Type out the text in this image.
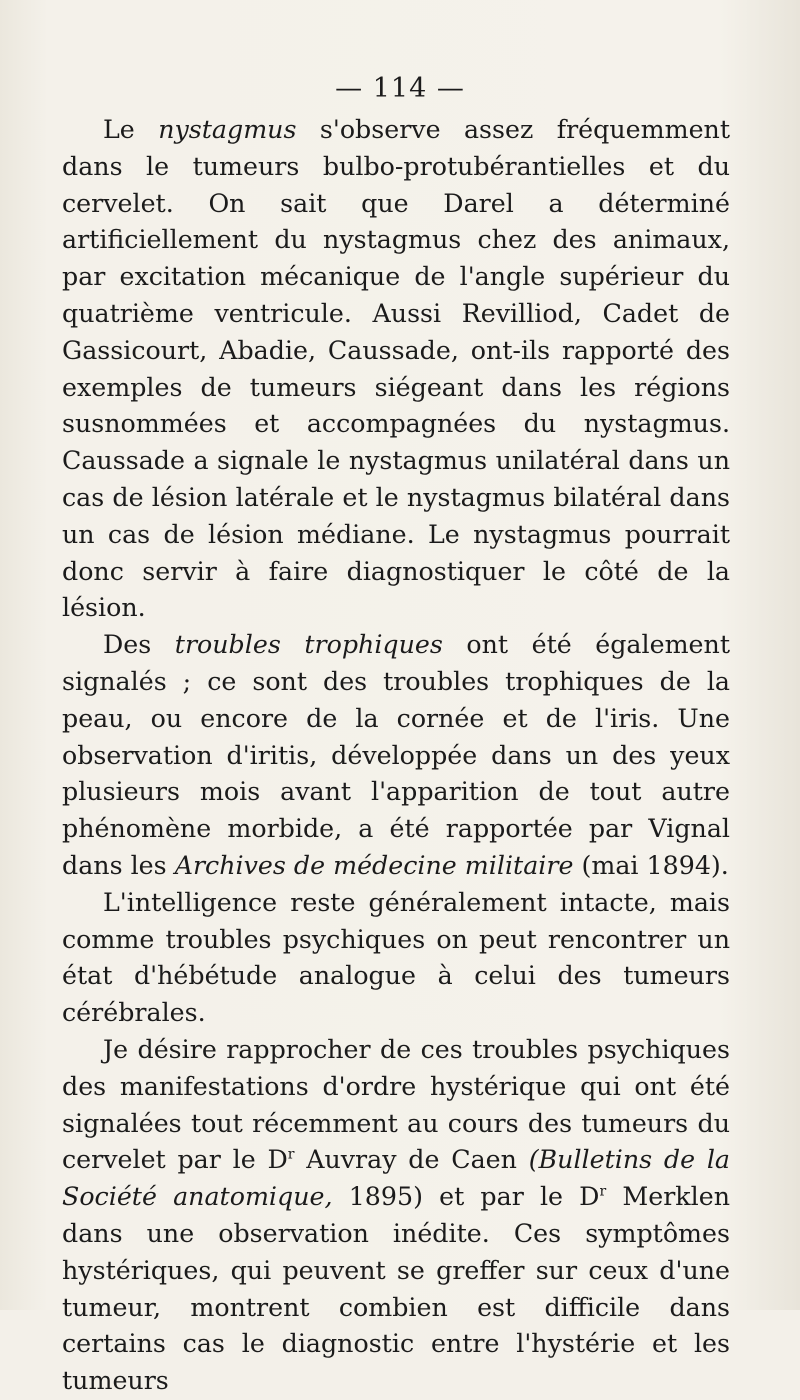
— 114 —

Le nystagmus s'observe assez fréquemment dans le tumeurs bulbo-protubérantielles et du cervelet. On sait que Darel a déterminé artificiellement du nystagmus chez des animaux, par excitation mécanique de l'angle supérieur du quatrième ventricule. Aussi Revilliod, Cadet de Gassicourt, Abadie, Caussade, ont-ils rapporté des exemples de tumeurs siégeant dans les régions susnommées et accompagnées du nystagmus. Caussade a signale le nystagmus unilatéral dans un cas de lésion latérale et le nystagmus bilatéral dans un cas de lésion médiane. Le nystagmus pourrait donc servir à faire diagnostiquer le côté de la lésion.

Des troubles trophiques ont été également signalés ; ce sont des troubles trophiques de la peau, ou encore de la cornée et de l'iris. Une observation d'iritis, développée dans un des yeux plusieurs mois avant l'apparition de tout autre phénomène morbide, a été rapportée par Vignal dans les Archives de médecine militaire (mai 1894).

L'intelligence reste généralement intacte, mais comme troubles psychiques on peut rencontrer un état d'hébétude analogue à celui des tumeurs cérébrales.

Je désire rapprocher de ces troubles psychiques des manifestations d'ordre hystérique qui ont été signalées tout récemment au cours des tumeurs du cervelet par le $D^r$ Auvray de Caen (Bulletins de la Société anatomique, 1895) et par le $D^r$ Merklen dans une observation inédite. Ces symptômes hystériques, qui peuvent se greffer sur ceux d'une tumeur, montrent combien est difficile dans certains cas le diagnostic entre l'hystérie et les tumeurs
